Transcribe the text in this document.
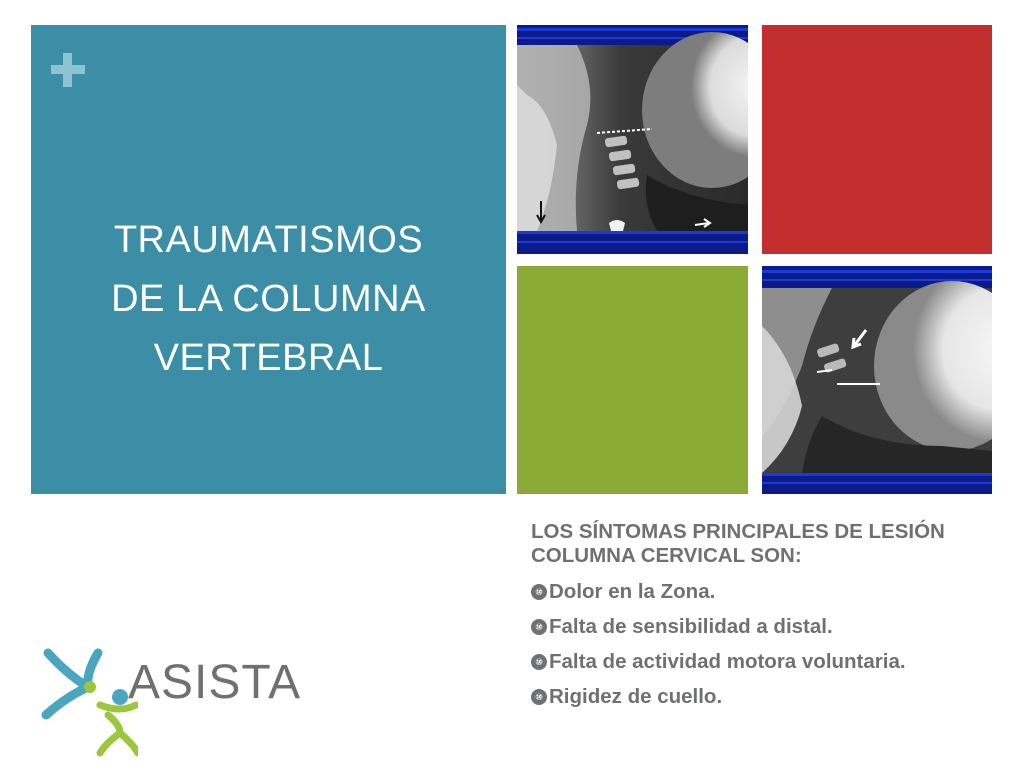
TRAUMATISMOS
DE LA COLUMNA
VERTEBRAL

LOS SÍNTOMAS PRINCIPALES DE LESIÓN COLUMNA CERVICAL SON:

⑩ Dolor en la Zona.
⑩ Falta de sensibilidad a distal.
⑩ Falta de actividad motora voluntaria.
⑩ Rigidez de cuello.
ASISTA
